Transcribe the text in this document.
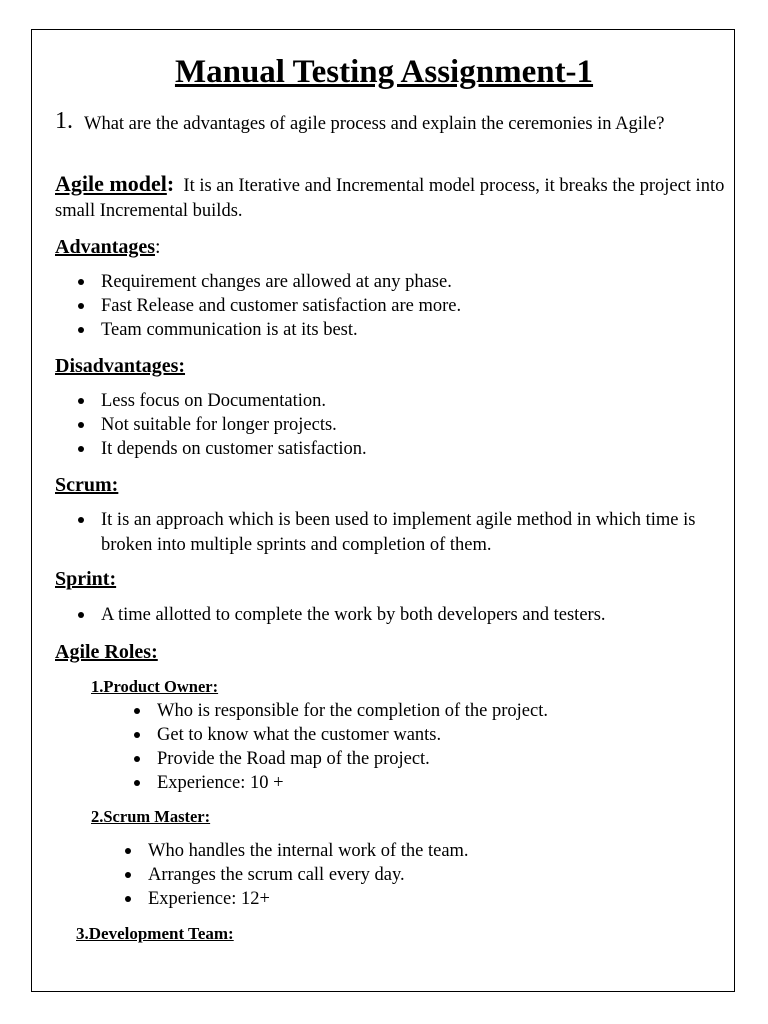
Manual Testing Assignment-1
1. What are the advantages of agile process and explain the ceremonies in Agile?
Agile model: It is an Iterative and Incremental model process, it breaks the project into small Incremental builds.
Advantages:
Requirement changes are allowed at any phase.
Fast Release and customer satisfaction are more.
Team communication is at its best.
Disadvantages:
Less focus on Documentation.
Not suitable for longer projects.
It depends on customer satisfaction.
Scrum:
It is an approach which is been used to implement agile method in which time is broken into multiple sprints and completion of them.
Sprint:
A time allotted to complete the work by both developers and testers.
Agile Roles:
1.Product Owner:
Who is responsible for the completion of the project.
Get to know what the customer wants.
Provide the Road map of the project.
Experience: 10 +
2.Scrum Master:
Who handles the internal work of the team.
Arranges the scrum call every day.
Experience: 12+
3.Development Team:
